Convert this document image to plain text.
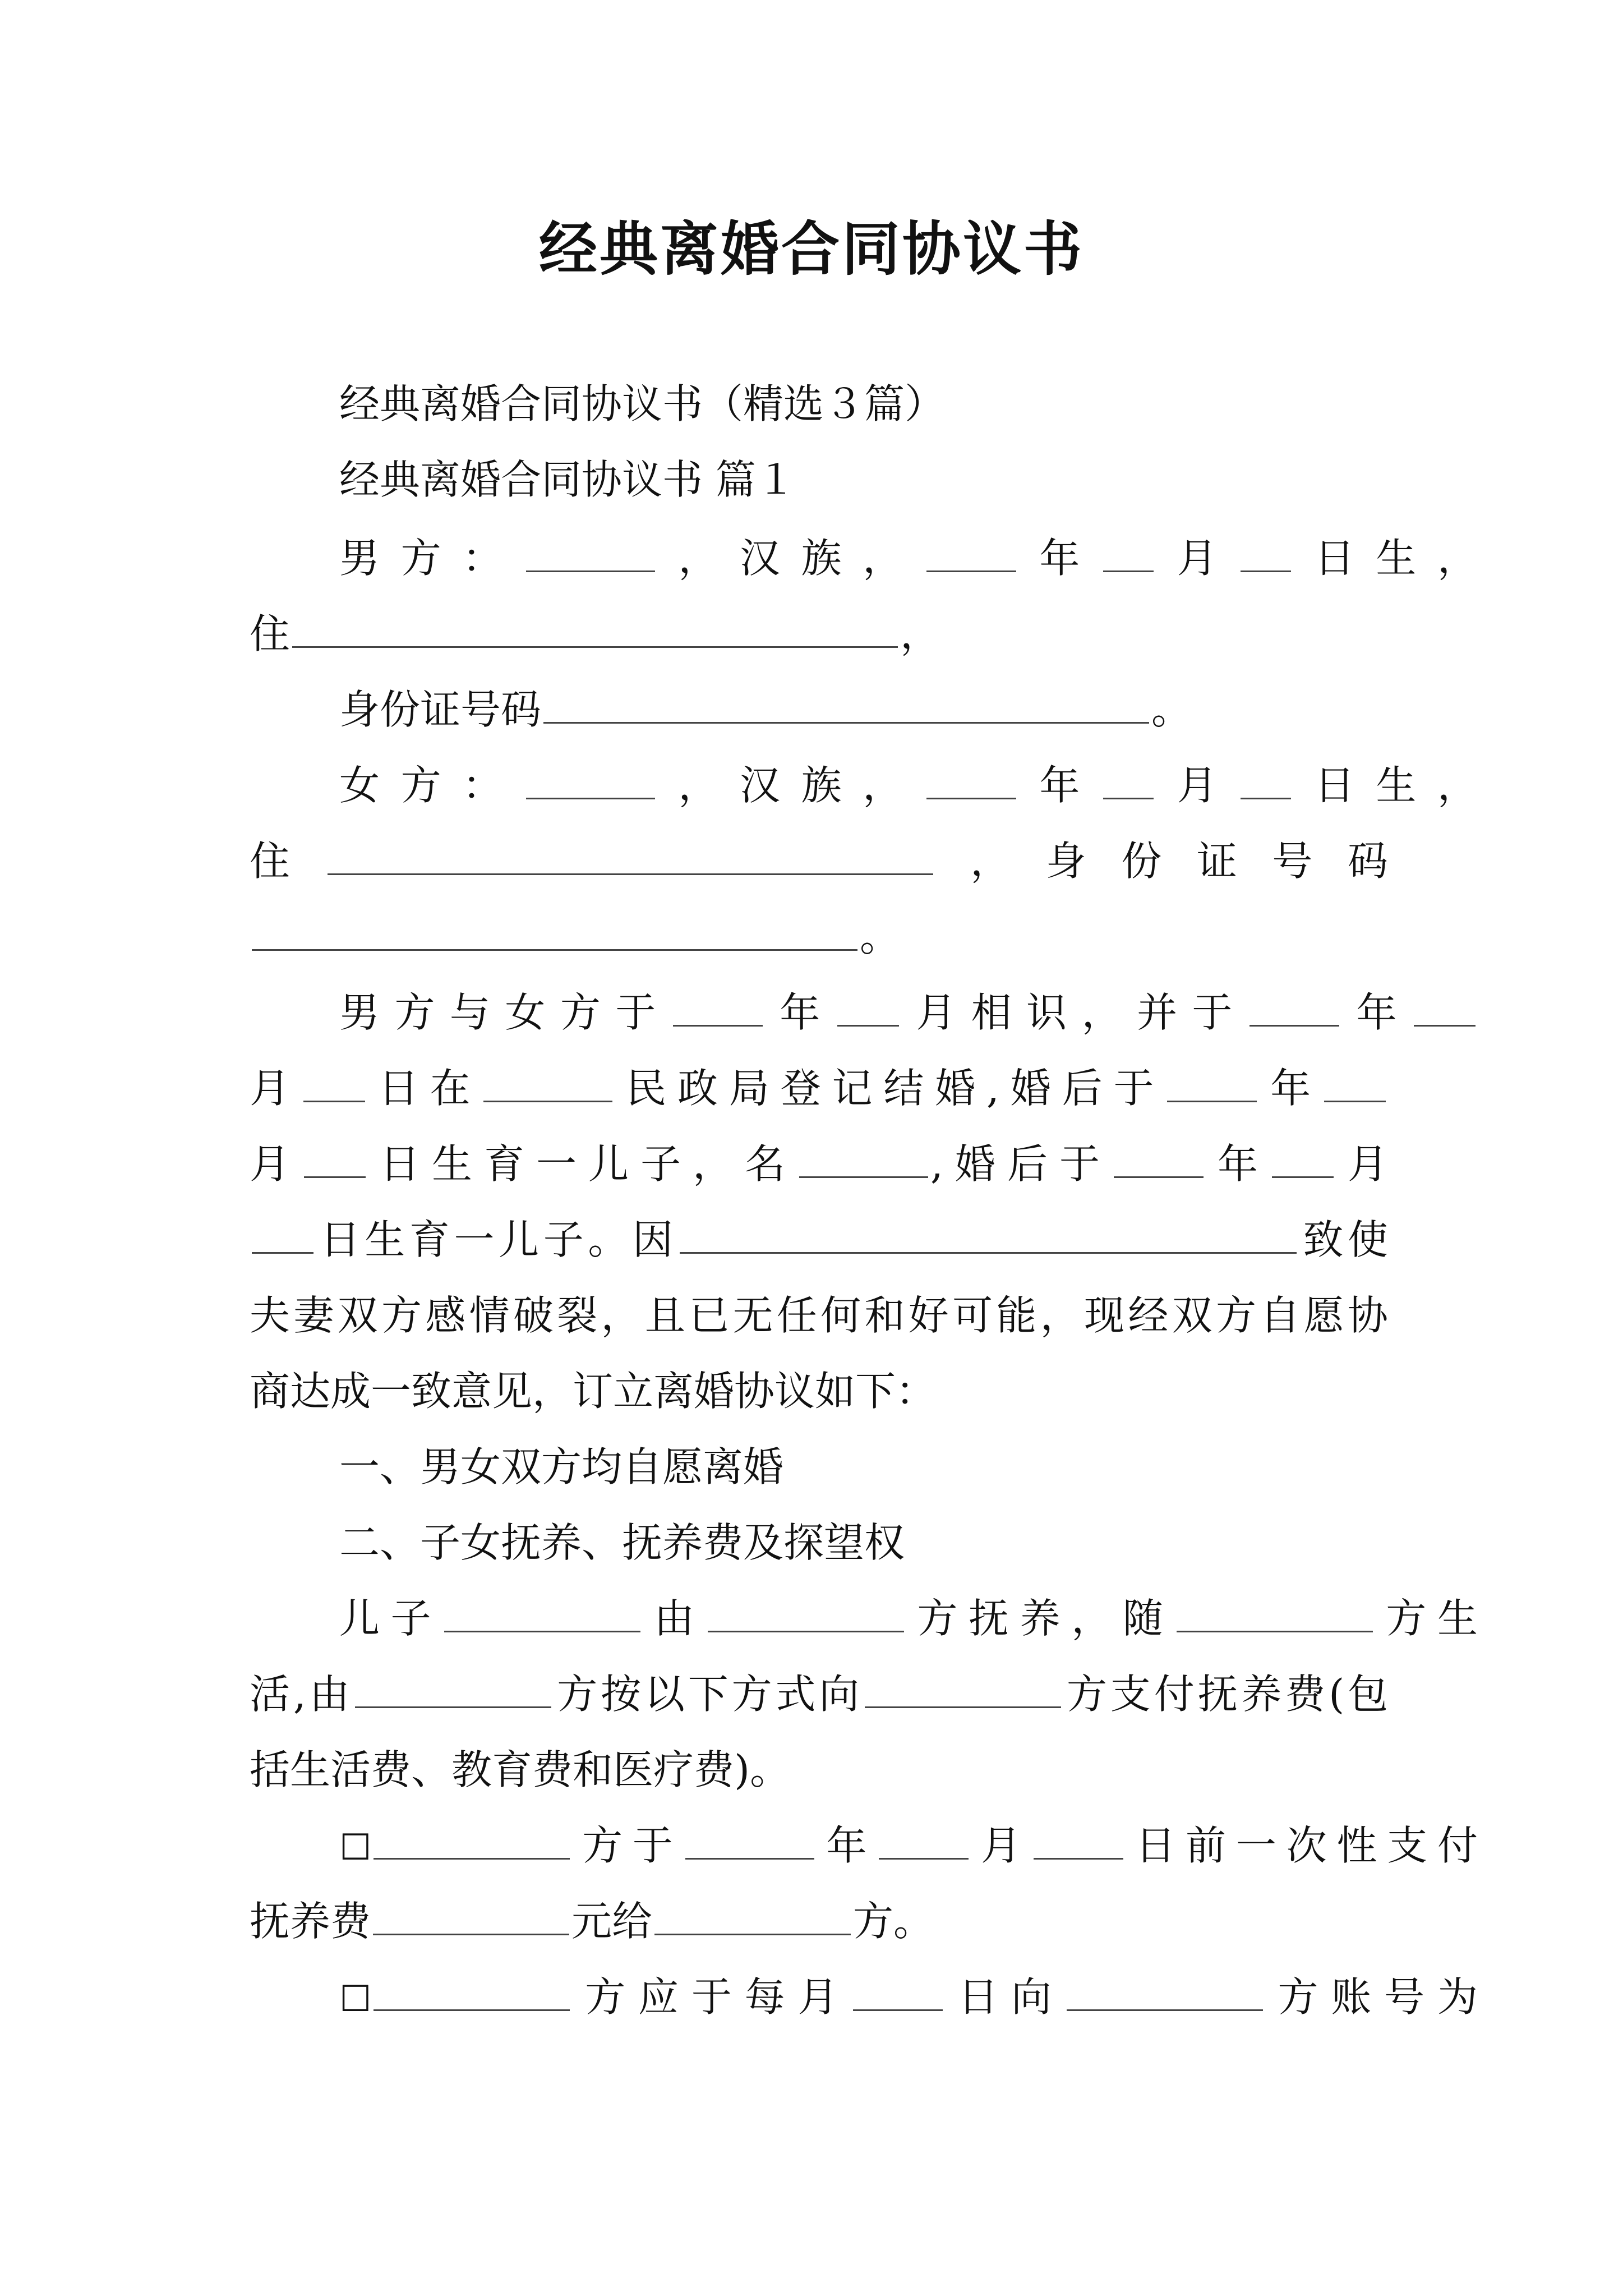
经典离婚合同协议书
经典离婚合同协议书（精选３篇）
经典离婚合同协议书 篇１
男方：	，汉族， 年 月 日生，
住	，
身份证号码	。
女方：	，汉族， 年 月 日生，
住	，身份证号码
。
男方与女方于 年 月相识，并于 年
月 日在	民政局登记结婚,婚后于 年
月 日生育一儿子，名	,婚后于 年 月
日生育一儿子。因	致使
夫妻双方感情破裂，且已无任何和好可能，现经双方自愿协
商达成一致意见，订立离婚协议如下：
一、男女双方均自愿离婚
二、子女抚养、抚养费及探望权
儿子	由	方抚养，随	方生
活,由	方按以下方式向	方支付抚养费(包
括生活费、教育费和医疗费)。
☐	方于	年 月 日前一次性支付
抚养费	元给	方。
☐	方应于每月 日向	方账号为
